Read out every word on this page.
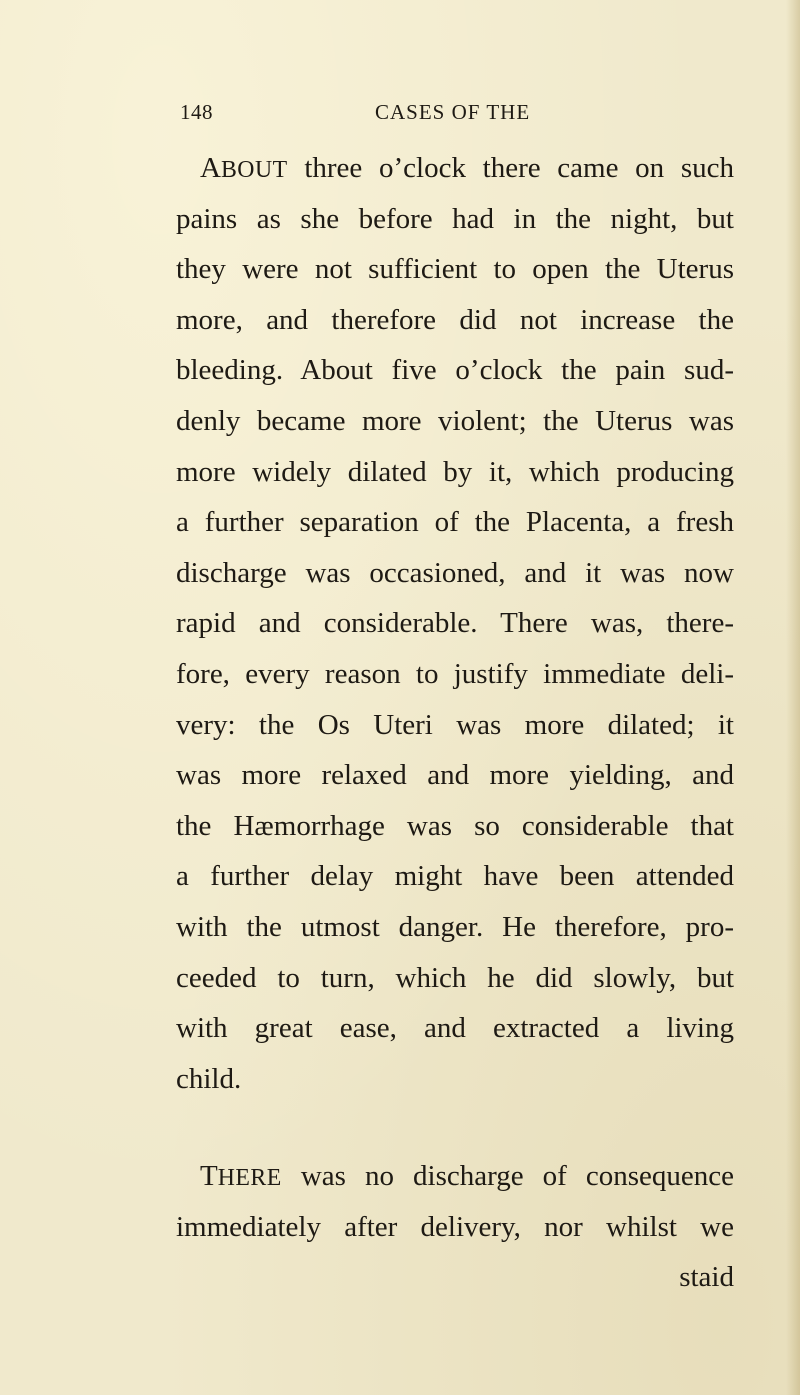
148	CASES OF THE
ABOUT three o’clock there came on such
pains as she before had in the night, but
they were not sufficient to open the Uterus
more, and therefore did not increase the
bleeding. About five o’clock the pain sud-
denly became more violent; the Uterus was
more widely dilated by it, which producing
a further separation of the Placenta, a fresh
discharge was occasioned, and it was now
rapid and considerable. There was, there-
fore, every reason to justify immediate deli-
very: the Os Uteri was more dilated; it
was more relaxed and more yielding, and
the Hæmorrhage was so considerable that
a further delay might have been attended
with the utmost danger. He therefore, pro-
ceeded to turn, which he did slowly, but
with great ease, and extracted a living
child.
THERE was no discharge of consequence
immediately after delivery, nor whilst we
staid
